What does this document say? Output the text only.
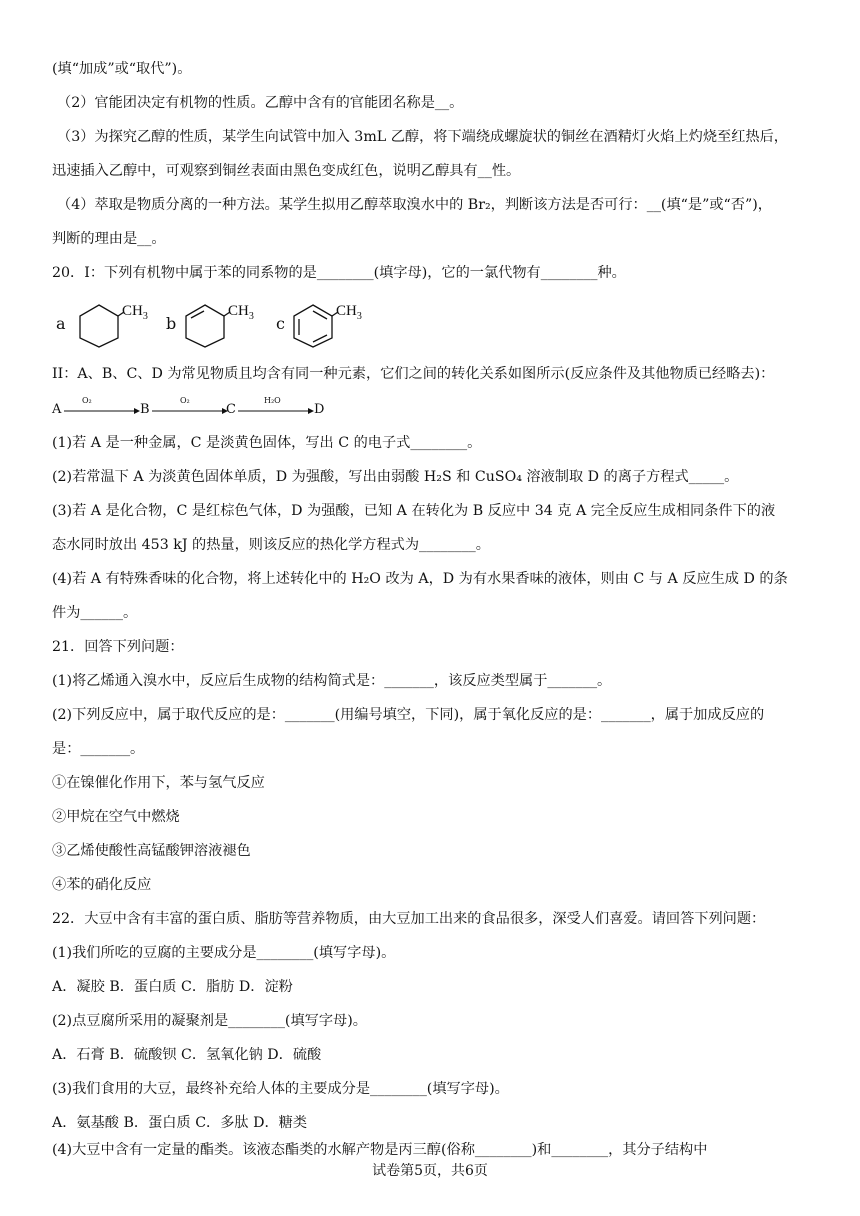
(填“加成”或“取代”)。
（2）官能团决定有机物的性质。乙醇中含有的官能团名称是__。
（3）为探究乙醇的性质，某学生向试管中加入 3mL 乙醇，将下端绕成螺旋状的铜丝在酒精灯火焰上灼烧至红热后，
迅速插入乙醇中，可观察到铜丝表面由黑色变成红色，说明乙醇具有__性。
（4）萃取是物质分离的一种方法。某学生拟用乙醇萃取溴水中的 Br₂，判断该方法是否可行：__(填“是”或“否”)，
判断的理由是__。
20．I：下列有机物中属于苯的同系物的是________(填字母)，它的一氯代物有________种。
a
$CH_3$ b
$CH_3$ c
$CH_3$
II：A、B、C、D 为常见物质且均含有同一种元素，它们之间的转化关系如图所示(反应条件及其他物质已经略去)：
A
O₂
B
O₂
C
H₂O
D
(1)若 A 是一种金属，C 是淡黄色固体，写出 C 的电子式________。
(2)若常温下 A 为淡黄色固体单质，D 为强酸，写出由弱酸 H₂S 和 CuSO₄ 溶液制取 D 的离子方程式_____。
(3)若 A 是化合物，C 是红棕色气体，D 为强酸，已知 A 在转化为 B 反应中 34 克 A 完全反应生成相同条件下的液
态水同时放出 453 kJ 的热量，则该反应的热化学方程式为________。
(4)若 A 有特殊香味的化合物，将上述转化中的 H₂O 改为 A，D 为有水果香味的液体，则由 C 与 A 反应生成 D 的条
件为______。
21．回答下列问题：
(1)将乙烯通入溴水中，反应后生成物的结构简式是：_______，该反应类型属于_______。
(2)下列反应中，属于取代反应的是：_______(用编号填空，下同)，属于氧化反应的是：_______，属于加成反应的
是：_______。
①在镍催化作用下，苯与氢气反应
②甲烷在空气中燃烧
③乙烯使酸性高锰酸钾溶液褪色
④苯的硝化反应
22．大豆中含有丰富的蛋白质、脂肪等营养物质，由大豆加工出来的食品很多，深受人们喜爱。请回答下列问题：
(1)我们所吃的豆腐的主要成分是________(填写字母)。
A．凝胶 B．蛋白质 C．脂肪 D．淀粉
(2)点豆腐所采用的凝聚剂是________(填写字母)。
A．石膏 B．硫酸钡 C．氢氧化钠 D．硫酸
(3)我们食用的大豆，最终补充给人体的主要成分是________(填写字母)。
A．氨基酸 B．蛋白质 C．多肽 D．糖类
(4)大豆中含有一定量的酯类。该液态酯类的水解产物是丙三醇(俗称________)和________，其分子结构中
试卷第5页，共6页
